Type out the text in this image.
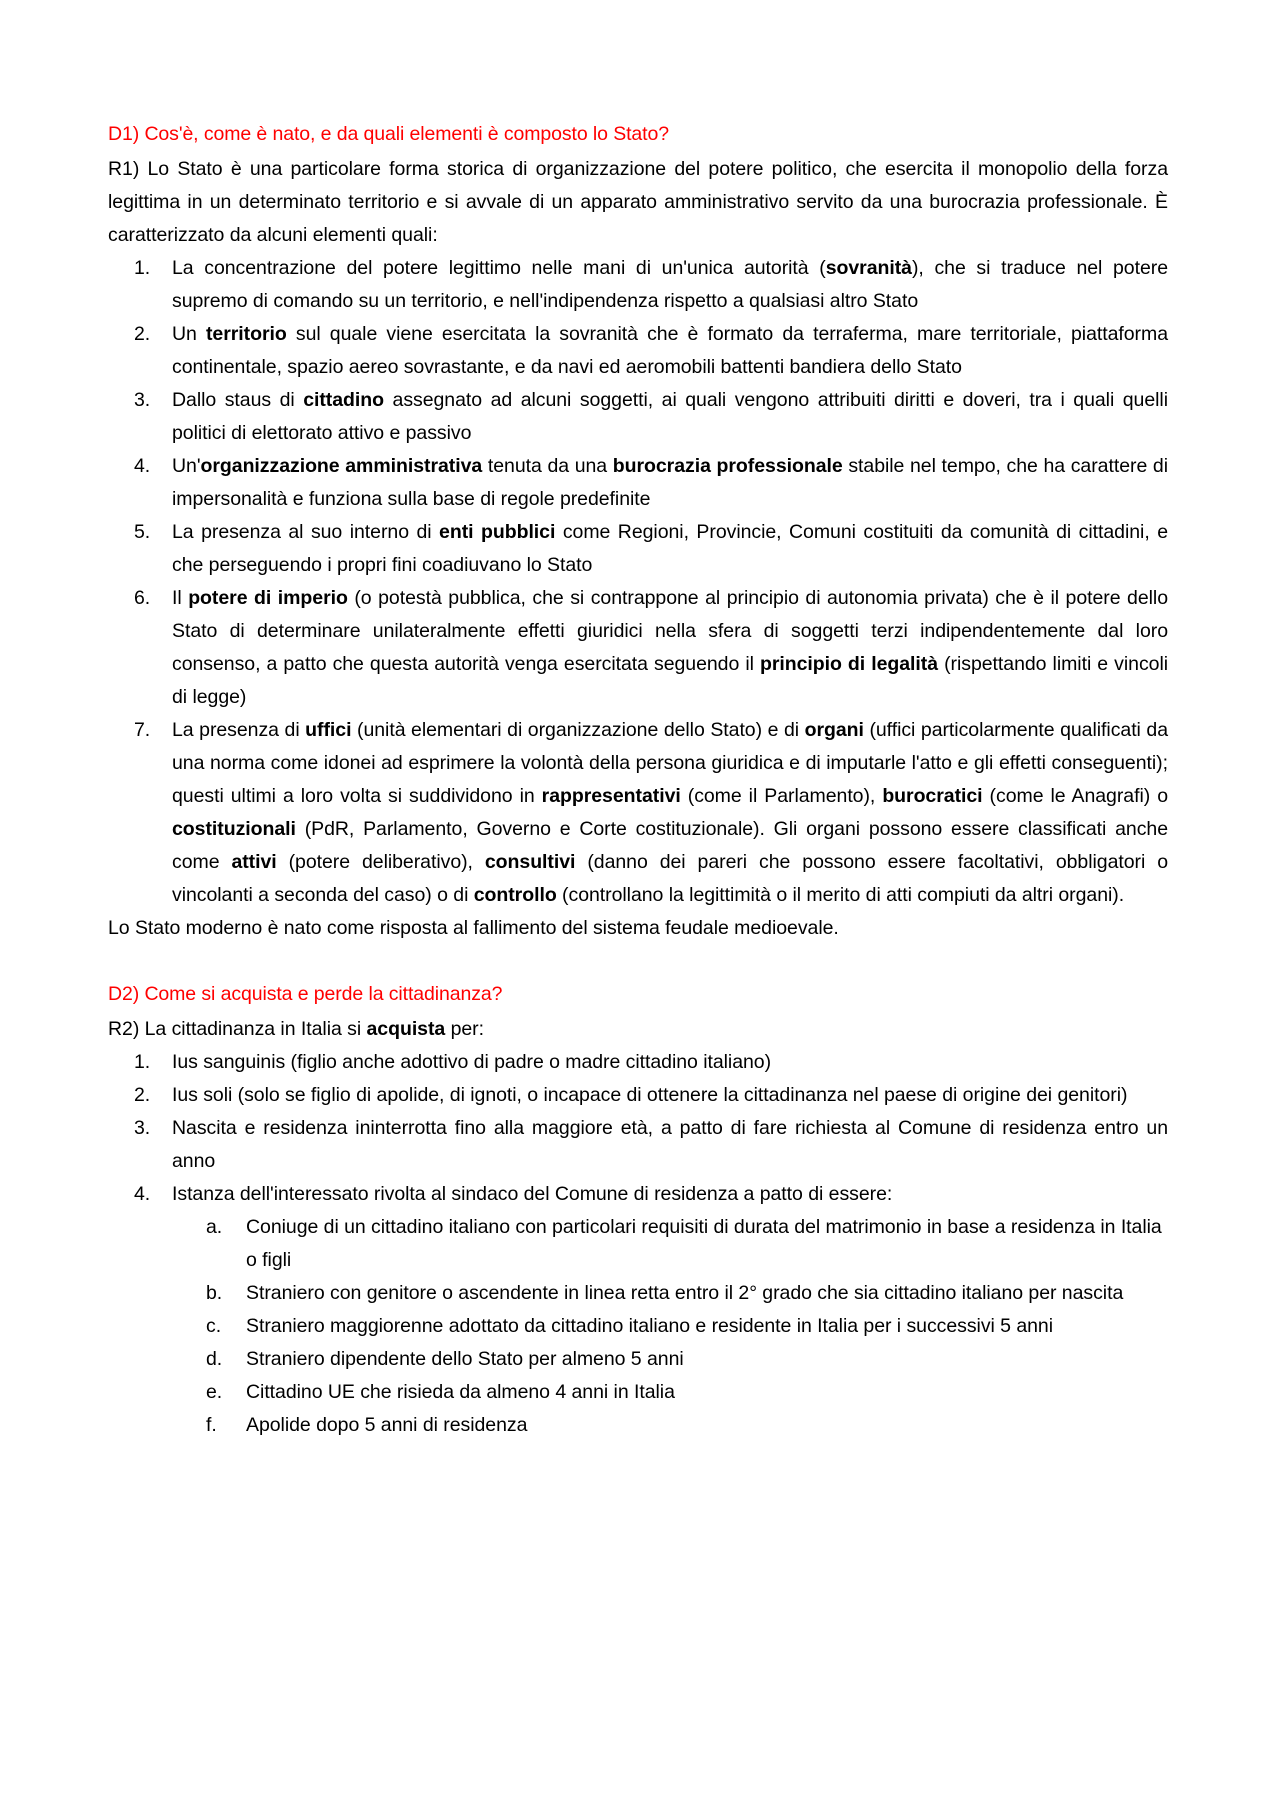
D1) Cos'è, come è nato, e da quali elementi è composto lo Stato?

R1) Lo Stato è una particolare forma storica di organizzazione del potere politico, che esercita il monopolio della forza legittima in un determinato territorio e si avvale di un apparato amministrativo servito da una burocrazia professionale. È caratterizzato da alcuni elementi quali:

La concentrazione del potere legittimo nelle mani di un'unica autorità (sovranità), che si traduce nel potere supremo di comando su un territorio, e nell'indipendenza rispetto a qualsiasi altro Stato
Un territorio sul quale viene esercitata la sovranità che è formato da terraferma, mare territoriale, piattaforma continentale, spazio aereo sovrastante, e da navi ed aeromobili battenti bandiera dello Stato
Dallo staus di cittadino assegnato ad alcuni soggetti, ai quali vengono attribuiti diritti e doveri, tra i quali quelli politici di elettorato attivo e passivo
Un'organizzazione amministrativa tenuta da una burocrazia professionale stabile nel tempo, che ha carattere di impersonalità e funziona sulla base di regole predefinite
La presenza al suo interno di enti pubblici come Regioni, Provincie, Comuni costituiti da comunità di cittadini, e che perseguendo i propri fini coadiuvano lo Stato
Il potere di imperio (o potestà pubblica, che si contrappone al principio di autonomia privata) che è il potere dello Stato di determinare unilateralmente effetti giuridici nella sfera di soggetti terzi indipendentemente dal loro consenso, a patto che questa autorità venga esercitata seguendo il principio di legalità (rispettando limiti e vincoli di legge)
La presenza di uffici (unità elementari di organizzazione dello Stato) e di organi (uffici particolarmente qualificati da una norma come idonei ad esprimere la volontà della persona giuridica e di imputarle l'atto e gli effetti conseguenti); questi ultimi a loro volta si suddividono in rappresentativi (come il Parlamento), burocratici (come le Anagrafi) o costituzionali (PdR, Parlamento, Governo e Corte costituzionale). Gli organi possono essere classificati anche come attivi (potere deliberativo), consultivi (danno dei pareri che possono essere facoltativi, obbligatori o vincolanti a seconda del caso) o di controllo (controllano la legittimità o il merito di atti compiuti da altri organi).

Lo Stato moderno è nato come risposta al fallimento del sistema feudale medioevale.

D2) Come si acquista e perde la cittadinanza?

R2) La cittadinanza in Italia si acquista per:

Ius sanguinis (figlio anche adottivo di padre o madre cittadino italiano)
Ius soli (solo se figlio di apolide, di ignoti, o incapace di ottenere la cittadinanza nel paese di origine dei genitori)
Nascita e residenza ininterrotta fino alla maggiore età, a patto di fare richiesta al Comune di residenza entro un anno
Istanza dell'interessato rivolta al sindaco del Comune di residenza a patto di essere:
Coniuge di un cittadino italiano con particolari requisiti di durata del matrimonio in base a residenza in Italia o figli
Straniero con genitore o ascendente in linea retta entro il 2° grado che sia cittadino italiano per nascita
Straniero maggiorenne adottato da cittadino italiano e residente in Italia per i successivi 5 anni
Straniero dipendente dello Stato per almeno 5 anni
Cittadino UE che risieda da almeno 4 anni in Italia
Apolide dopo 5 anni di residenza
